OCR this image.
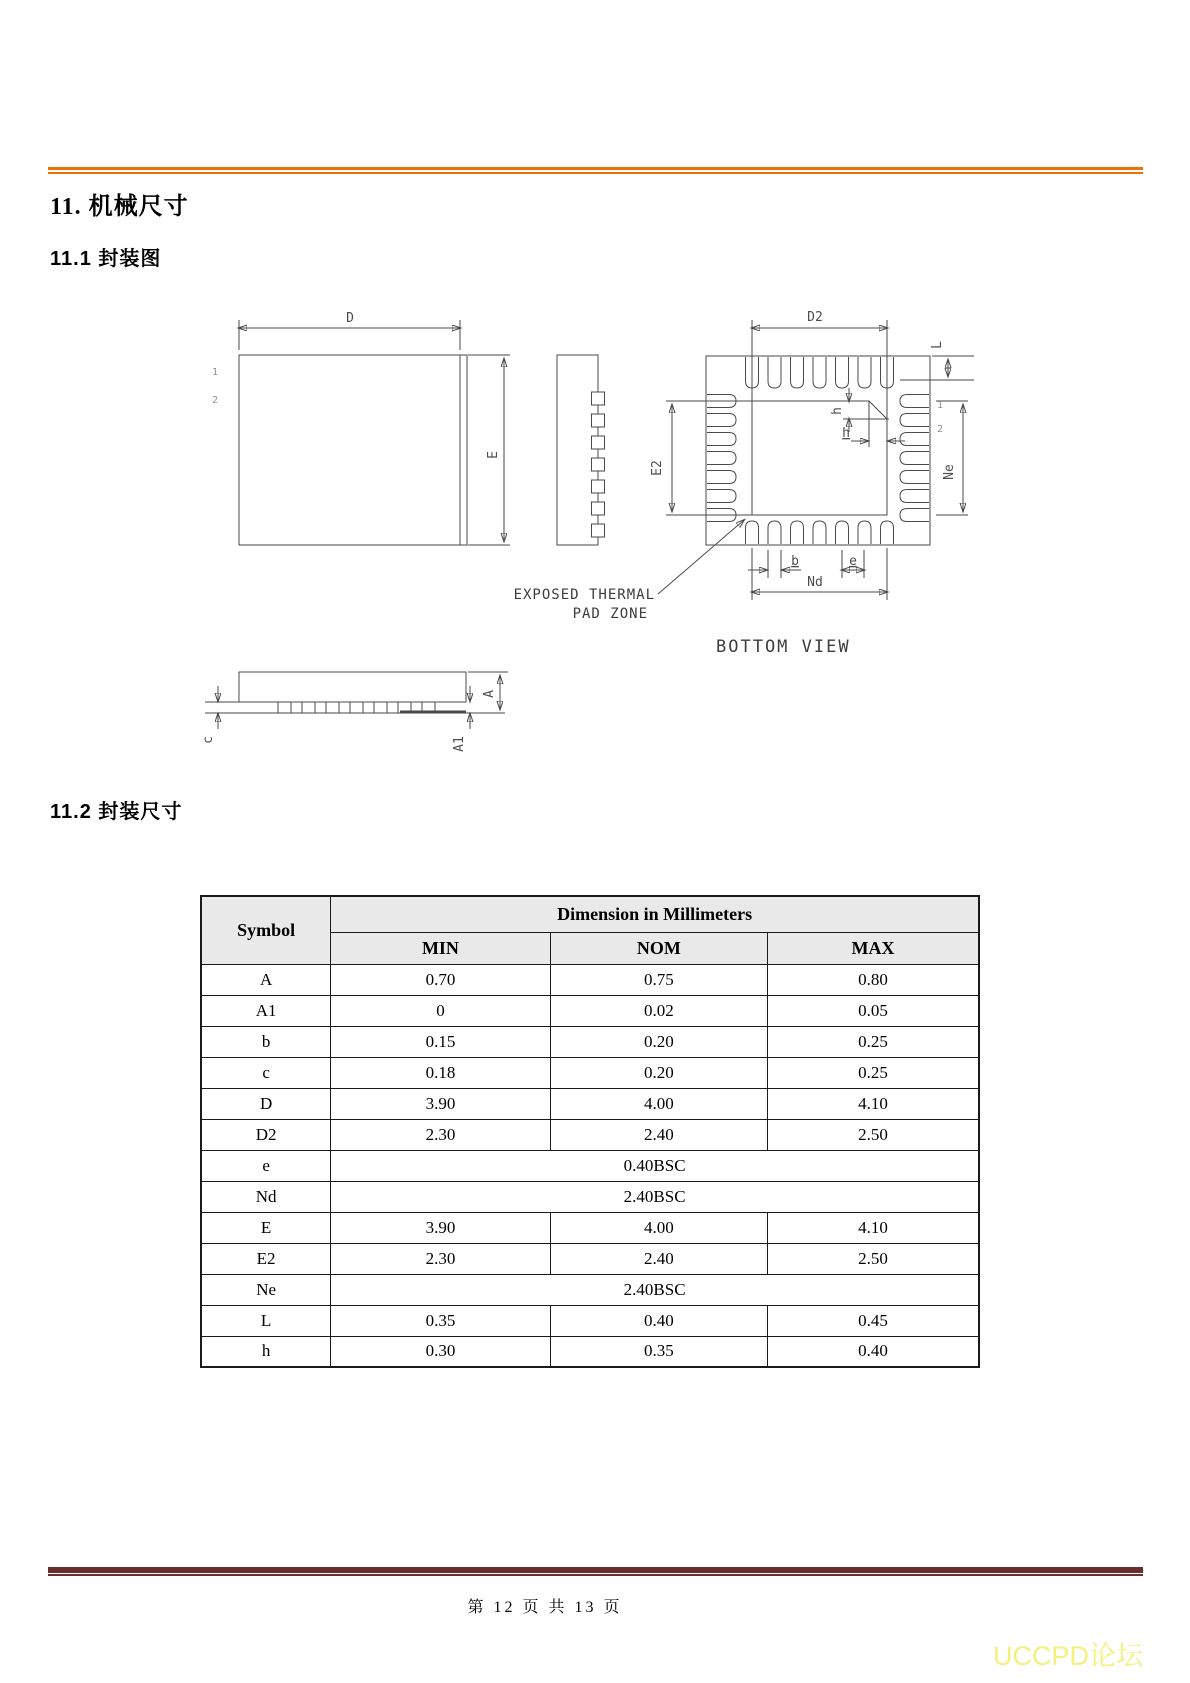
11. 机械尺寸
11.1 封装图
D
E
1
2
D2
E2
h
h
L
Ne
1
2
b	e
Nd
EXPOSED THERMAL
PAD ZONE
BOTTOM VIEW
c
A
A1
11.2 封装尺寸
Symbol	Dimension in Millimeters		
	MIN	NOM	MAX
A	0.70	0.75	0.80
A1	0	0.02	0.05
b	0.15	0.20	0.25
c	0.18	0.20	0.25
D	3.90	4.00	4.10
D2	2.30	2.40	2.50
e	0.40BSC		
Nd	2.40BSC		
E	3.90	4.00	4.10
E2	2.30	2.40	2.50
Ne	2.40BSC		
L	0.35	0.40	0.45
h	0.30	0.35	0.40
第 12 页 共 13 页
UCCPD论坛
